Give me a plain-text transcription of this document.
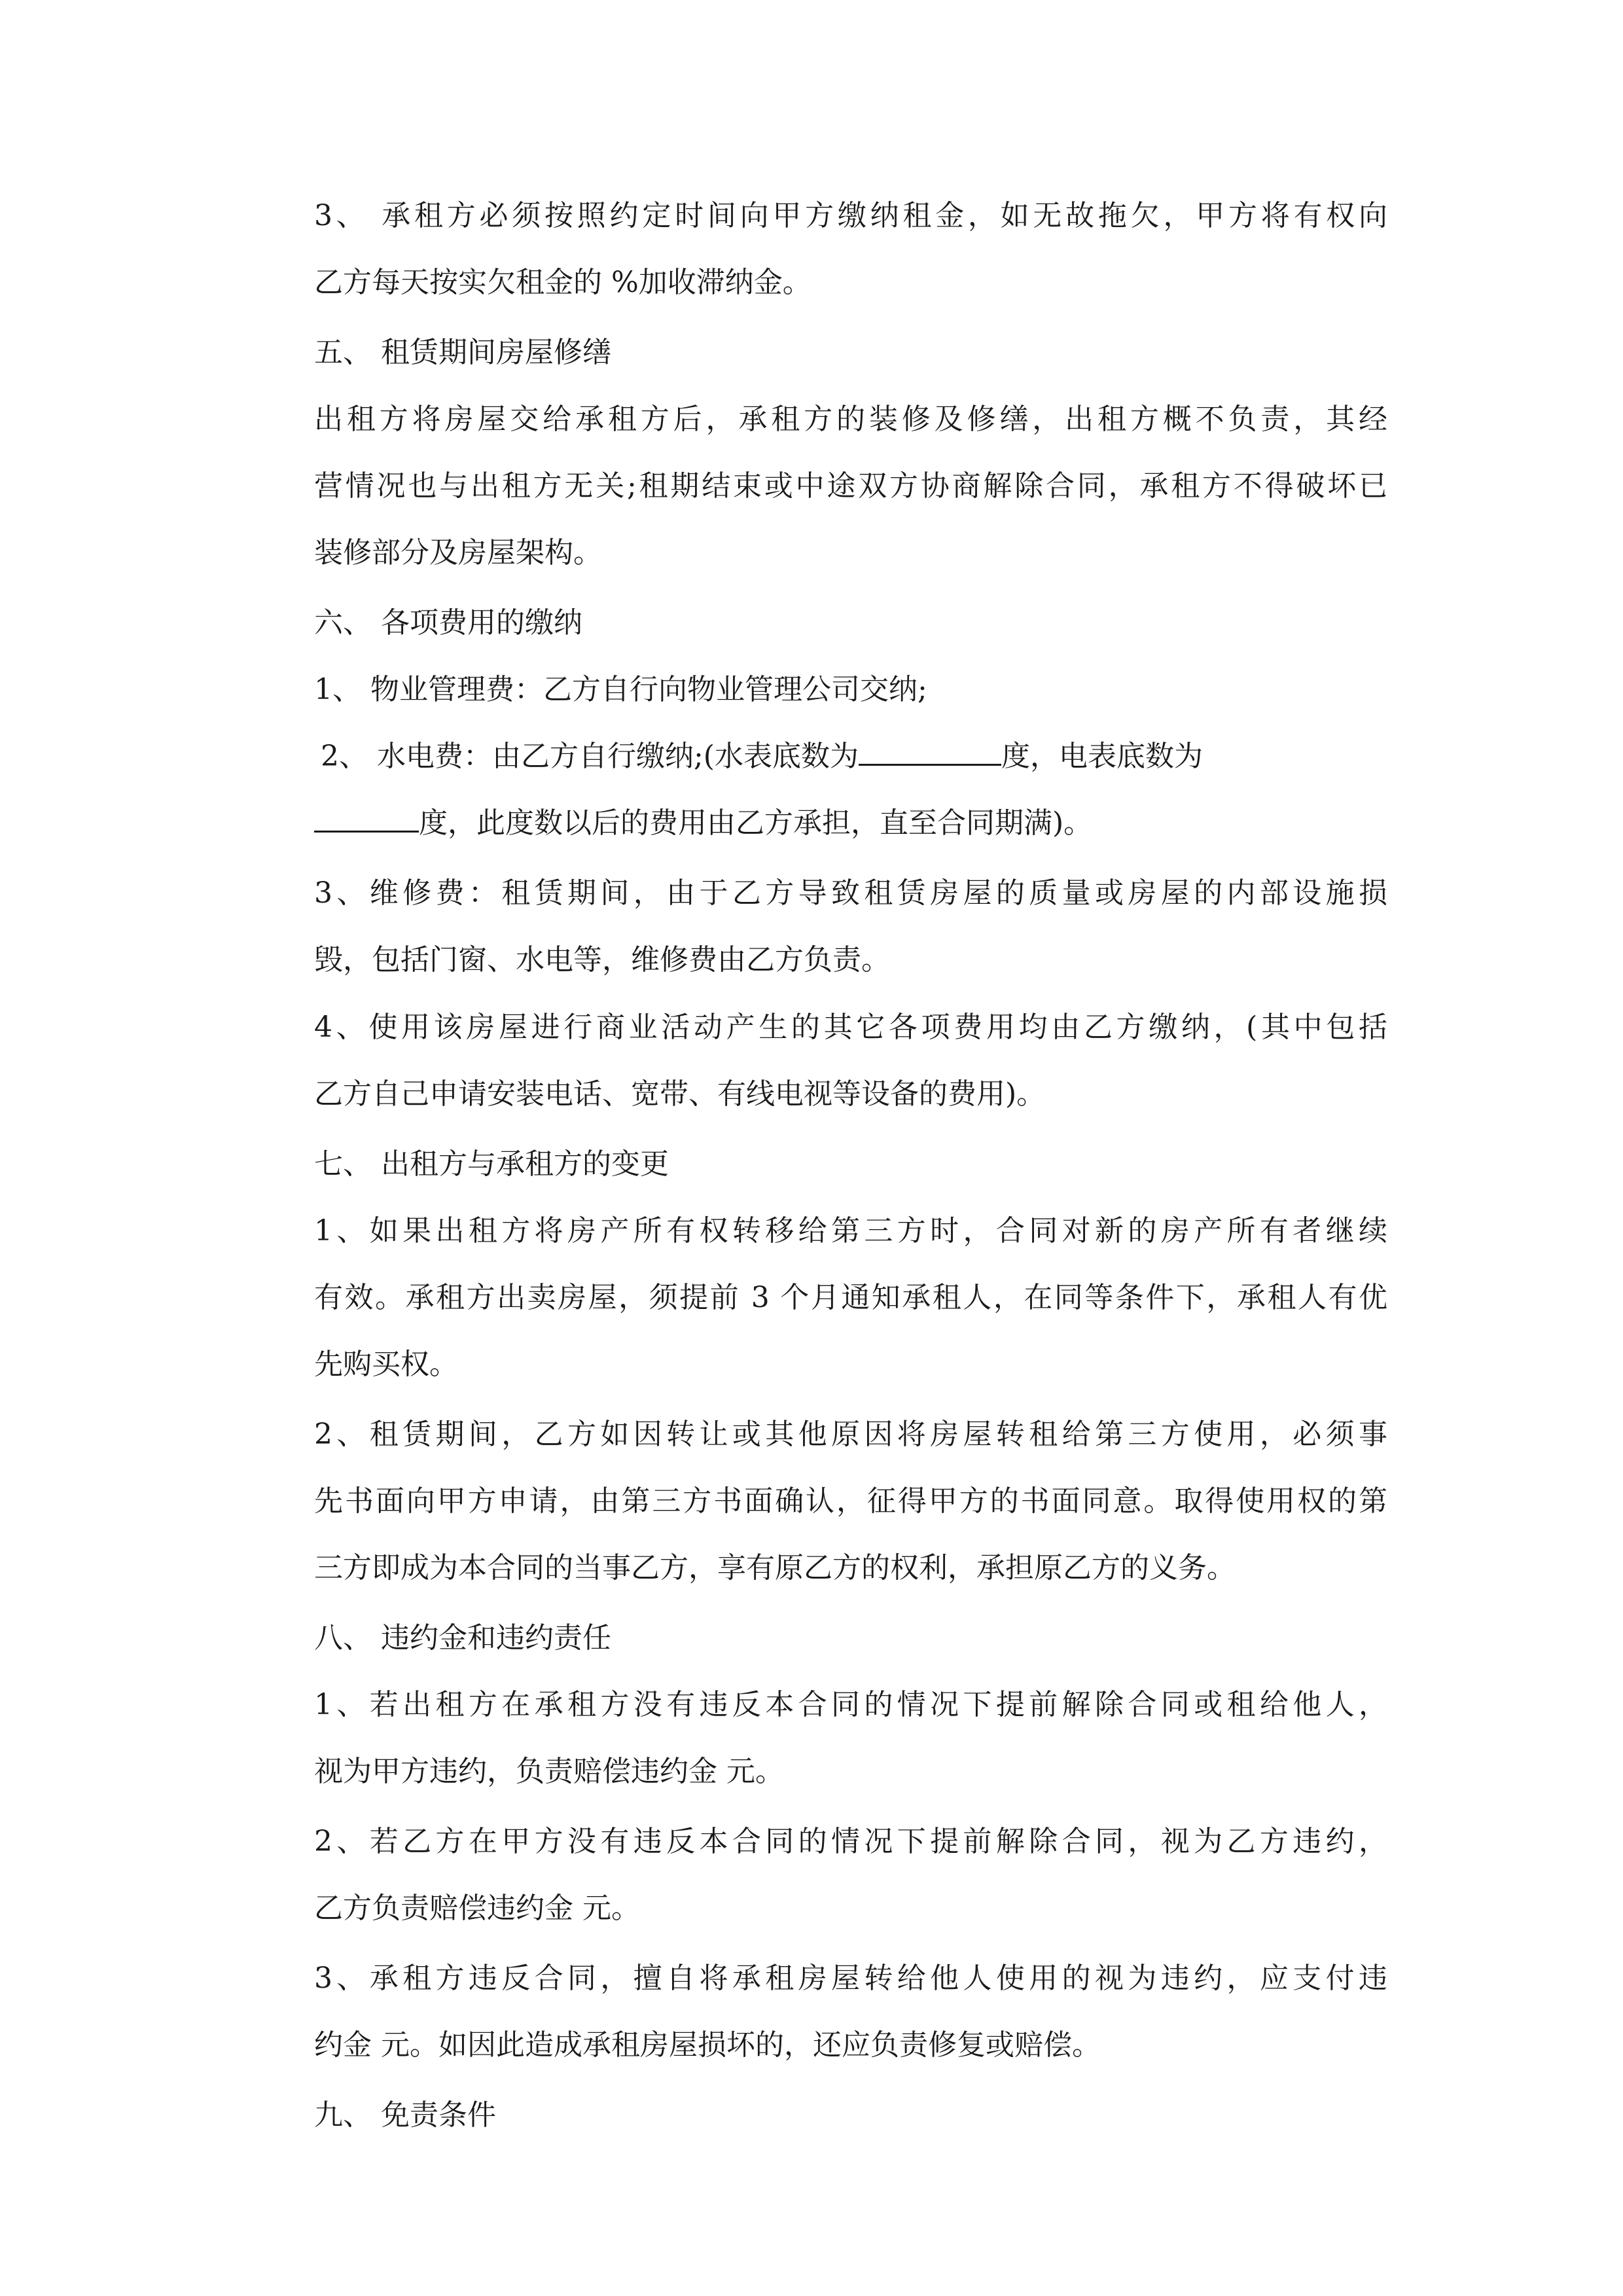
3、 承租方必须按照约定时间向甲方缴纳租金，如无故拖欠，甲方将有权向
乙方每天按实欠租金的 %加收滞纳金。
五、 租赁期间房屋修缮
出租方将房屋交给承租方后，承租方的装修及修缮，出租方概不负责，其经
营情况也与出租方无关;租期结束或中途双方协商解除合同，承租方不得破坏已
装修部分及房屋架构。
六、 各项费用的缴纳
1、 物业管理费：乙方自行向物业管理公司交纳;
2、 水电费：由乙方自行缴纳;(水表底数为	度，电表底数为
度，此度数以后的费用由乙方承担，直至合同期满)。
3、维修费：租赁期间，由于乙方导致租赁房屋的质量或房屋的内部设施损
毁，包括门窗、水电等，维修费由乙方负责。
4、使用该房屋进行商业活动产生的其它各项费用均由乙方缴纳，(其中包括
乙方自己申请安装电话、宽带、有线电视等设备的费用)。
七、 出租方与承租方的变更
1、如果出租方将房产所有权转移给第三方时，合同对新的房产所有者继续
有效。承租方出卖房屋，须提前 3 个月通知承租人，在同等条件下，承租人有优
先购买权。
2、租赁期间，乙方如因转让或其他原因将房屋转租给第三方使用，必须事
先书面向甲方申请，由第三方书面确认，征得甲方的书面同意。取得使用权的第
三方即成为本合同的当事乙方，享有原乙方的权利，承担原乙方的义务。
八、 违约金和违约责任
1、若出租方在承租方没有违反本合同的情况下提前解除合同或租给他人，
视为甲方违约，负责赔偿违约金 元。
2、若乙方在甲方没有违反本合同的情况下提前解除合同，视为乙方违约，
乙方负责赔偿违约金 元。
3、承租方违反合同，擅自将承租房屋转给他人使用的视为违约，应支付违
约金 元。如因此造成承租房屋损坏的，还应负责修复或赔偿。
九、 免责条件
